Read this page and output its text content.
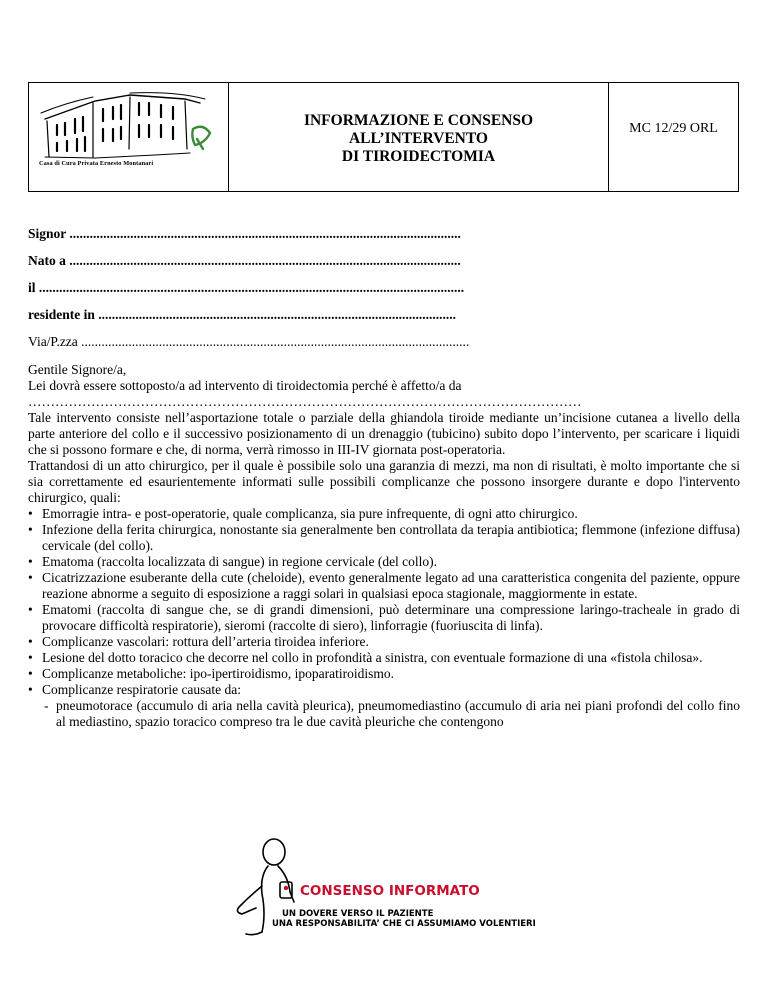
Casa di Cura Privata Ernesto Montanari
INFORMAZIONE E CONSENSO
ALL’INTERVENTO
DI TIROIDECTOMIA
MC 12/29 ORL
Signor ....................................................................................................................
Nato a ....................................................................................................................
il ..............................................................................................................................
residente in ..........................................................................................................
Via/P.zza ...................................................................................................................

Gentile Signore/a,

Lei dovrà essere sottoposto/a ad intervento di tiroidectomia perché è affetto/a da

……………………………………………………………………………………………………………

Tale intervento consiste nell’asportazione totale o parziale della ghiandola tiroide mediante un’incisione cutanea a livello della parte anteriore del collo e il successivo posizionamento di un drenaggio (tubicino) subito dopo l’intervento, per scaricare i liquidi che si possono formare e che, di norma, verrà rimosso in III-IV giornata post-operatoria.

Trattandosi di un atto chirurgico, per il quale è possibile solo una garanzia di mezzi, ma non di risultati, è molto importante che si sia correttamente ed esaurientemente informati sulle possibili complicanze che possono insorgere durante e dopo l'intervento chirurgico, quali:

• Emorragie intra- e post-operatorie, quale complicanza, sia pure infrequente, di ogni atto chirurgico.
• Infezione della ferita chirurgica, nonostante sia generalmente ben controllata da terapia antibiotica; flemmone (infezione diffusa) cervicale (del collo).
• Ematoma (raccolta localizzata di sangue) in regione cervicale (del collo).
• Cicatrizzazione esuberante della cute (cheloide), evento generalmente legato ad una caratteristica congenita del paziente, oppure reazione abnorme a seguito di esposizione a raggi solari in qualsiasi epoca stagionale, maggiormente in estate.
• Ematomi (raccolta di sangue che, se di grandi dimensioni, può determinare una compressione laringo-tracheale in grado di provocare difficoltà respiratorie), sieromi (raccolte di siero), linforragie (fuoriuscita di linfa).
• Complicanze vascolari: rottura dell’arteria tiroidea inferiore.
• Lesione del dotto toracico che decorre nel collo in profondità a sinistra, con eventuale formazione di una «fistola chilosa».
• Complicanze metaboliche: ipo-ipertiroidismo, ipoparatiroidismo.
• Complicanze respiratorie causate da:
- pneumotorace (accumulo di aria nella cavità pleurica), pneumomediastino (accumulo di aria nei piani profondi del collo fino al mediastino, spazio toracico compreso tra le due cavità pleuriche che contengono
CONSENSO INFORMATO
UN DOVERE VERSO IL PAZIENTE
UNA RESPONSABILITA’ CHE CI ASSUMIAMO VOLENTIERI
